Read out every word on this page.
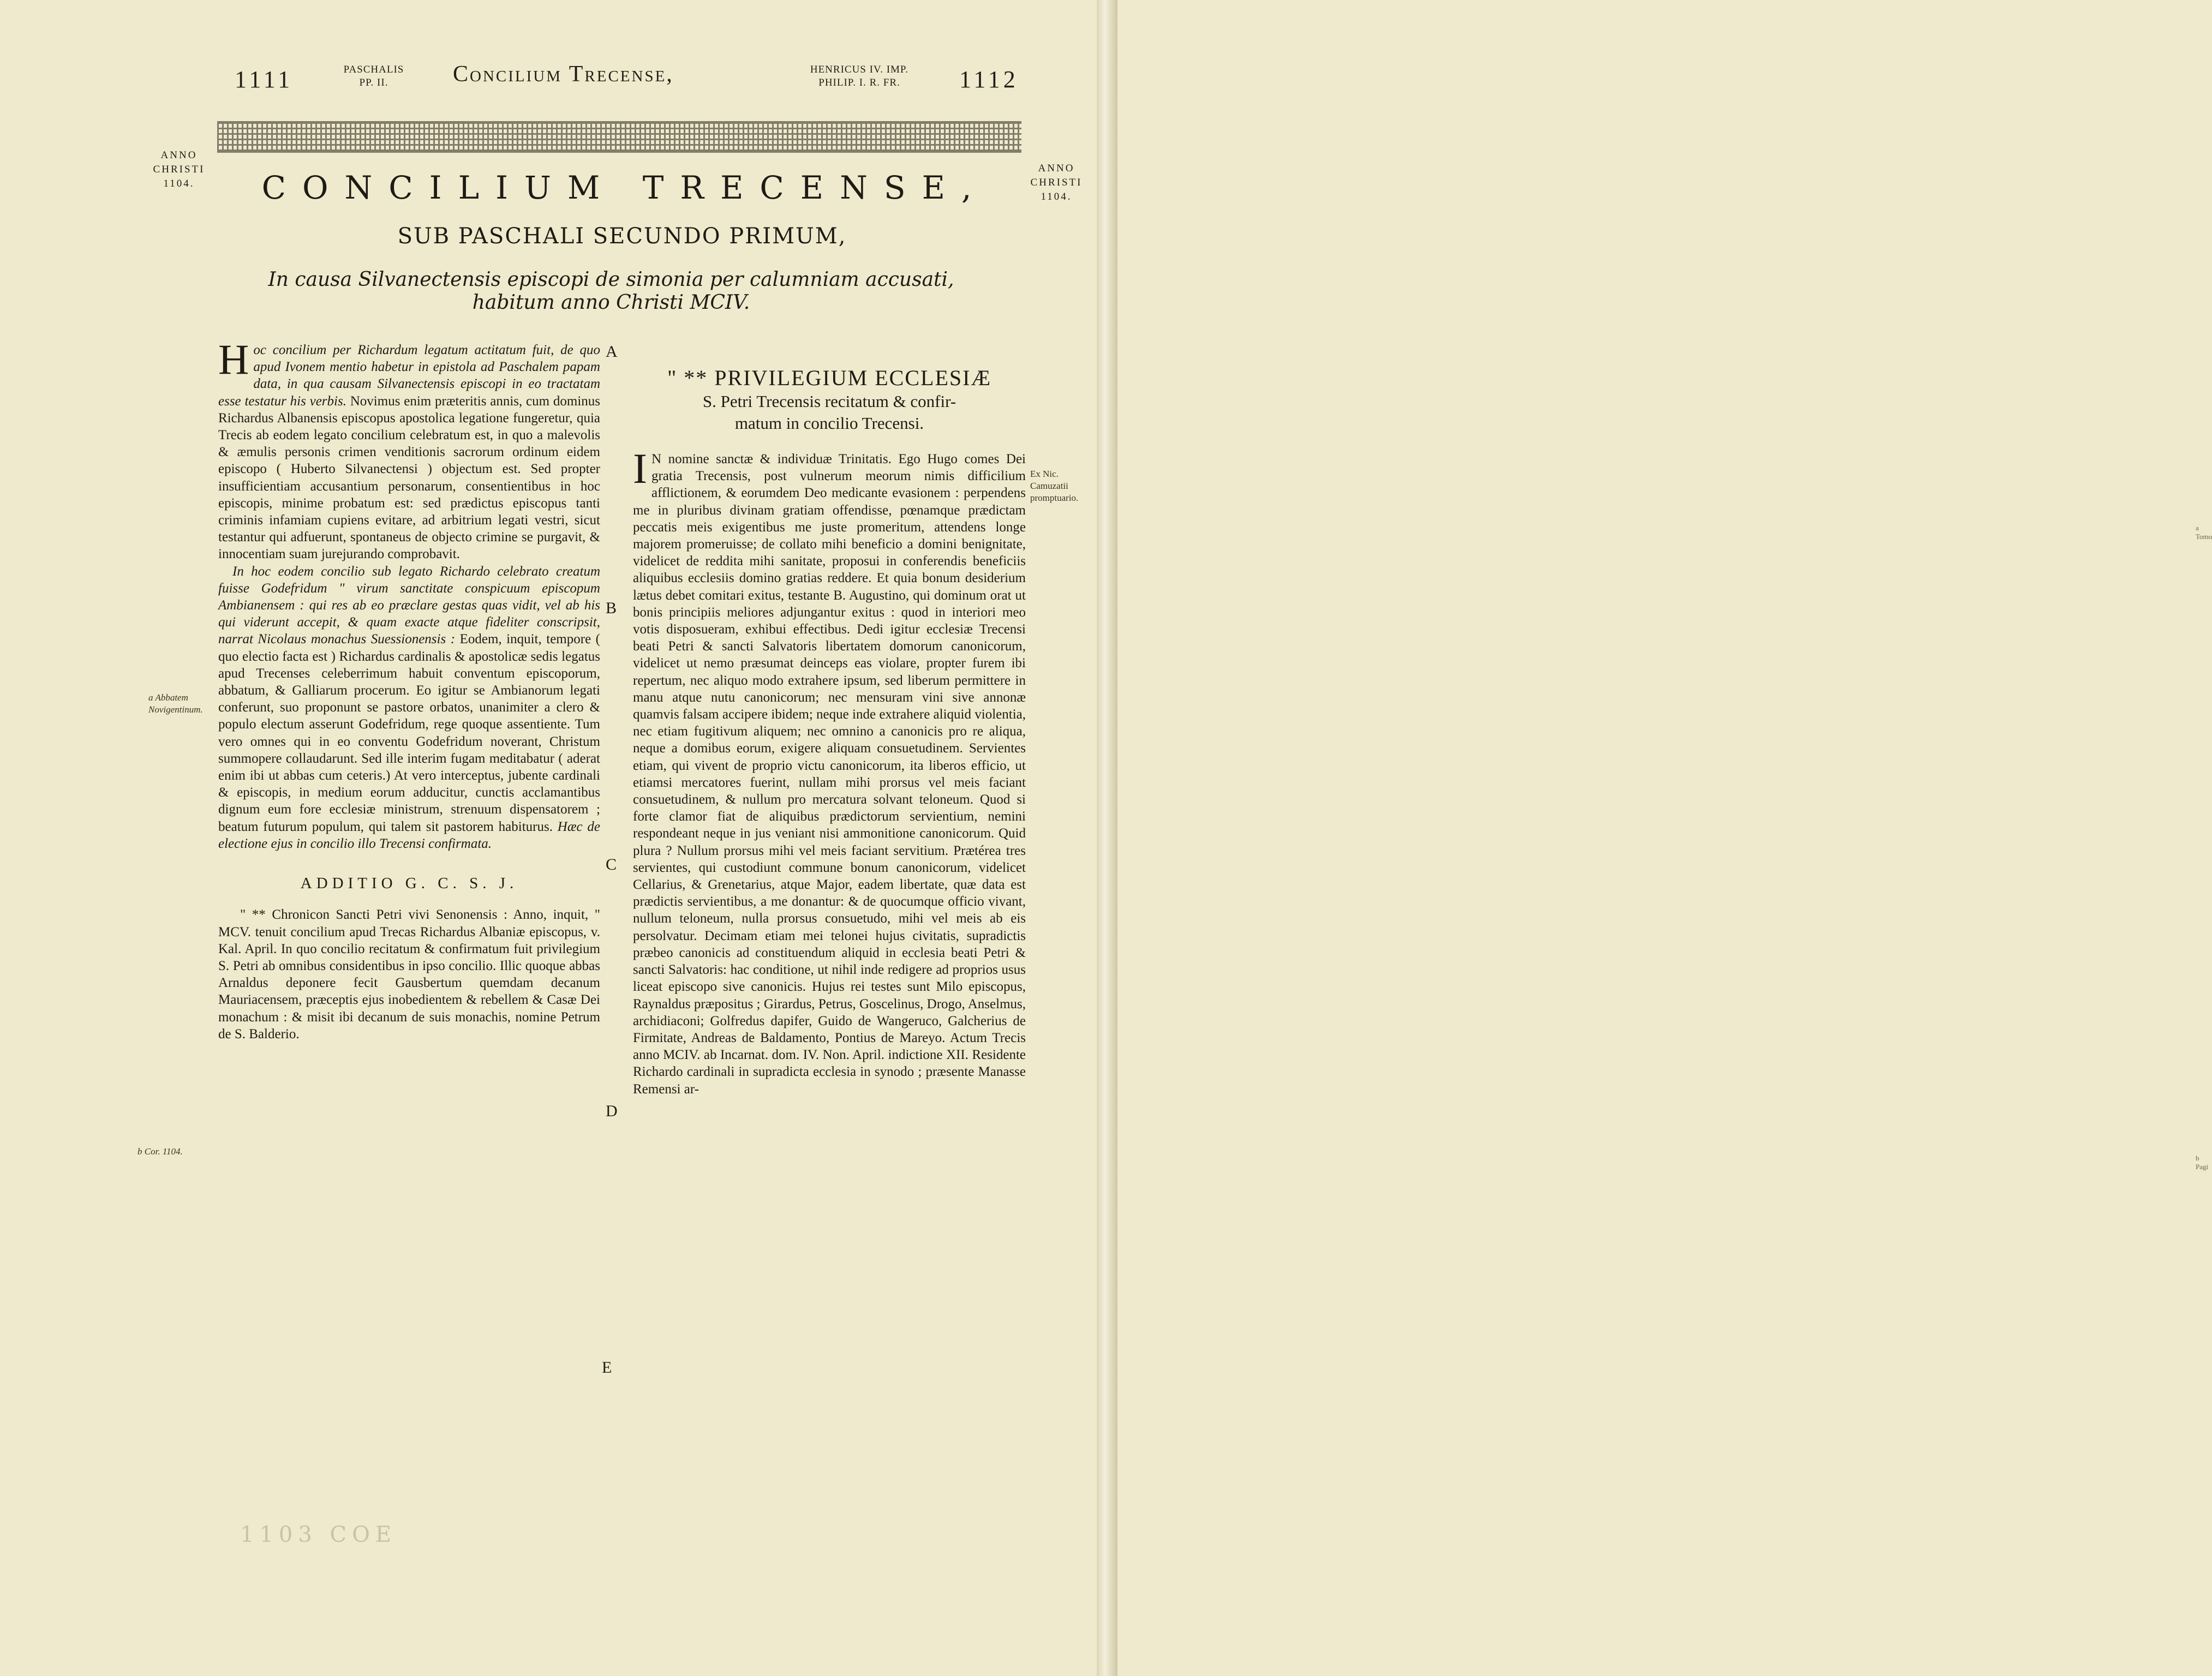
a Tomo
b Pagi
1111	PASCHALIS
PP. II.	Concilium Trecense,	HENRICUS IV. IMP.
PHILIP. I. R. FR.	1112
ANNO
CHRISTI
1104.
ANNO
CHRISTI
1104.
CONCILIUM TRECENSE,
SUB PASCHALI SECUNDO PRIMUM,
In causa Silvanectensis episcopi de simonia per calumniam accusati,
habitum anno Christi MCIV.
a Abbatem Novigentinum.
b Cor. 1104.
A
B
C
D
E

Hoc concilium per Richardum legatum actitatum fuit, de quo apud Ivonem mentio habetur in epistola ad Paschalem papam data, in qua causam Silvanectensis episcopi in eo tractatam esse testatur his verbis. Novimus enim præteritis annis, cum dominus Richardus Albanensis episcopus apostolica legatione fungeretur, quia Trecis ab eodem legato concilium celebratum est, in quo a malevolis & æmulis personis crimen venditionis sacrorum ordinum eidem episcopo ( Huberto Silvanectensi ) objectum est. Sed propter insufficientiam accusantium personarum, consentientibus in hoc episcopis, minime probatum est: sed prædictus episcopus tanti criminis infamiam cupiens evitare, ad arbitrium legati vestri, sicut testantur qui adfuerunt, spontaneus de objecto crimine se purgavit, & innocentiam suam jurejurando comprobavit.

In hoc eodem concilio sub legato Richardo celebrato creatum fuisse Godefridum " virum sanctitate conspicuum episcopum Ambianensem : qui res ab eo præclare gestas quas vidit, vel ab his qui viderunt accepit, & quam exacte atque fideliter conscripsit, narrat Nicolaus monachus Suessionensis : Eodem, inquit, tempore ( quo electio facta est ) Richardus cardinalis & apostolicæ sedis legatus apud Trecenses celeberrimum habuit conventum episcoporum, abbatum, & Galliarum procerum. Eo igitur se Ambianorum legati conferunt, suo proponunt se pastore orbatos, unanimiter a clero & populo electum asserunt Godefridum, rege quoque assentiente. Tum vero omnes qui in eo conventu Godefridum noverant, Christum summopere collaudarunt. Sed ille interim fugam meditabatur ( aderat enim ibi ut abbas cum ceteris.) At vero interceptus, jubente cardinali & episcopis, in medium eorum adducitur, cunctis acclamantibus dignum eum fore ecclesiæ ministrum, strenuum dispensatorem ; beatum futurum populum, qui talem sit pastorem habiturus. Hæc de electione ejus in concilio illo Trecensi confirmata.

ADDITIO G. C. S. J.

" ** Chronicon Sancti Petri vivi Senonensis : Anno, inquit, " MCV. tenuit concilium apud Trecas Richardus Albaniæ episcopus, v. Kal. April. In quo concilio recitatum & confirmatum fuit privilegium S. Petri ab omnibus considentibus in ipso concilio. Illic quoque abbas Arnaldus deponere fecit Gausbertum quemdam decanum Mauriacensem, præceptis ejus inobedientem & rebellem & Casæ Dei monachum : & misit ibi decanum de suis monachis, nomine Petrum de S. Balderio.

" ** PRIVILEGIUM ECCLESIÆ
S. Petri Trecensis recitatum & confir-
matum in concilio Trecensi.

I N nomine sanctæ & individuæ Trinitatis. Ego Hugo comes Dei gratia Trecensis, post vulnerum meorum nimis difficilium afflictionem, & eorumdem Deo medicante evasionem : perpendens me in pluribus divinam gratiam offendisse, pœnamque prædictam peccatis meis exigentibus me juste promeritum, attendens longe majorem promeruisse; de collato mihi beneficio a domini benignitate, videlicet de reddita mihi sanitate, proposui in conferendis beneficiis aliquibus ecclesiis domino gratias reddere. Et quia bonum desiderium lætus debet comitari exitus, testante B. Augustino, qui dominum orat ut bonis principiis meliores adjungantur exitus : quod in interiori meo votis disposueram, exhibui effectibus. Dedi igitur ecclesiæ Trecensi beati Petri & sancti Salvatoris libertatem domorum canonicorum, videlicet ut nemo præsumat deinceps eas violare, propter furem ibi repertum, nec aliquo modo extrahere ipsum, sed liberum permittere in manu atque nutu canonicorum; nec mensuram vini sive annonæ quamvis falsam accipere ibidem; neque inde extrahere aliquid violentia, nec etiam fugitivum aliquem; nec omnino a canonicis pro re aliqua, neque a domibus eorum, exigere aliquam consuetudinem. Servientes etiam, qui vivent de proprio victu canonicorum, ita liberos efficio, ut etiamsi mercatores fuerint, nullam mihi prorsus vel meis faciant consuetudinem, & nullum pro mercatura solvant teloneum. Quod si forte clamor fiat de aliquibus prædictorum servientium, nemini respondeant neque in jus veniant nisi ammonitione canonicorum. Quid plura ? Nullum prorsus mihi vel meis faciant servitium. Prætérea tres servientes, qui custodiunt commune bonum canonicorum, videlicet Cellarius, & Grenetarius, atque Major, eadem libertate, quæ data est prædictis servientibus, a me donantur: & de quocumque officio vivant, nullum teloneum, nulla prorsus consuetudo, mihi vel meis ab eis persolvatur. Decimam etiam mei telonei hujus civitatis, supradictis præbeo canonicis ad constituendum aliquid in ecclesia beati Petri & sancti Salvatoris: hac conditione, ut nihil inde redigere ad proprios usus liceat episcopo sive canonicis. Hujus rei testes sunt Milo episcopus, Raynaldus præpositus ; Girardus, Petrus, Goscelinus, Drogo, Anselmus, archidiaconi; Golfredus dapifer, Guido de Wangeruco, Galcherius de Firmitate, Andreas de Baldamento, Pontius de Mareyo. Actum Trecis anno MCIV. ab Incarnat. dom. IV. Non. April. indictione XII. Residente Richardo cardinali in supradicta ecclesia in synodo ; præsente Manasse Remensi ar-

Ex Nic. Camuzatii promptuario.
1103 COE
